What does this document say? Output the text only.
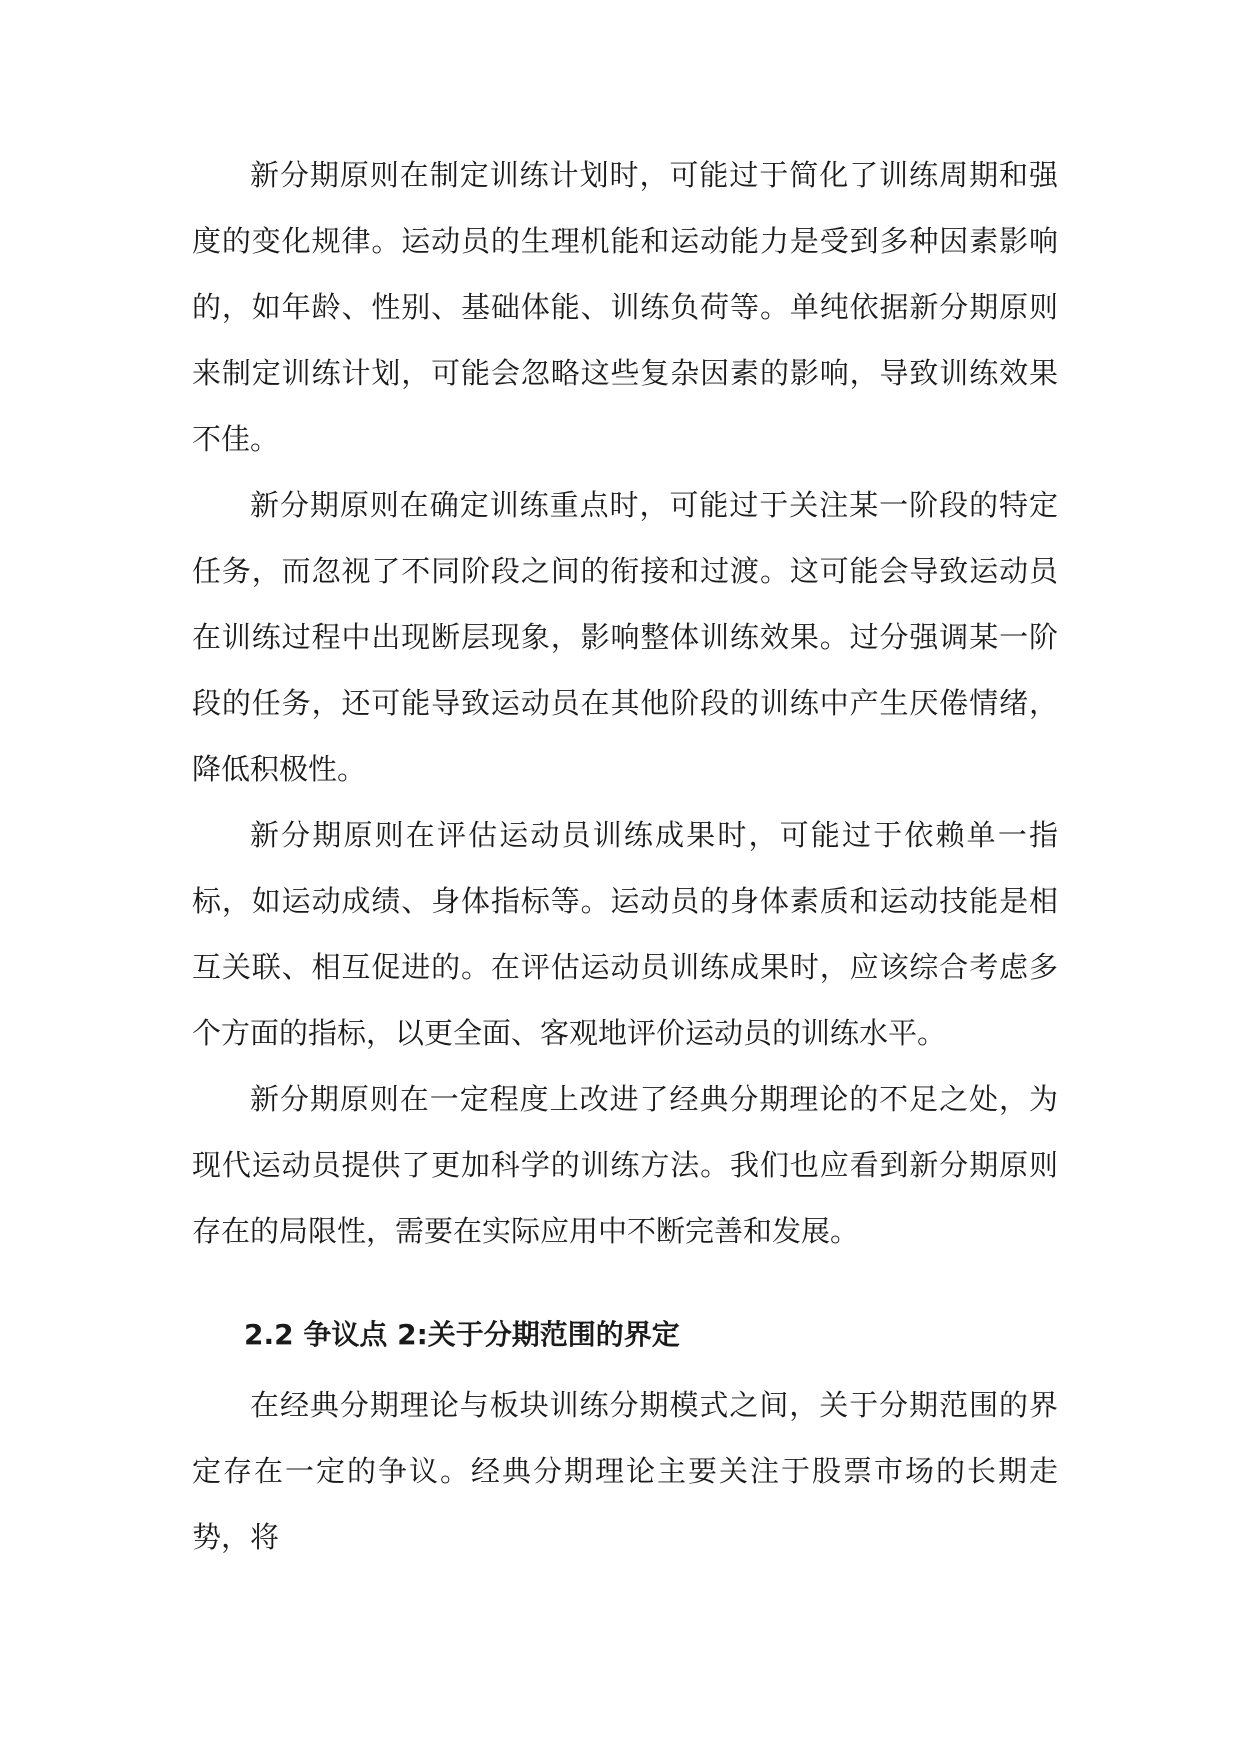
新分期原则在制定训练计划时，可能过于简化了训练周期和强度的变化规律。运动员的生理机能和运动能力是受到多种因素影响的，如年龄、性别、基础体能、训练负荷等。单纯依据新分期原则来制定训练计划，可能会忽略这些复杂因素的影响，导致训练效果不佳。

新分期原则在确定训练重点时，可能过于关注某一阶段的特定任务，而忽视了不同阶段之间的衔接和过渡。这可能会导致运动员在训练过程中出现断层现象，影响整体训练效果。过分强调某一阶段的任务，还可能导致运动员在其他阶段的训练中产生厌倦情绪，降低积极性。

新分期原则在评估运动员训练成果时，可能过于依赖单一指标，如运动成绩、身体指标等。运动员的身体素质和运动技能是相互关联、相互促进的。在评估运动员训练成果时，应该综合考虑多个方面的指标，以更全面、客观地评价运动员的训练水平。

新分期原则在一定程度上改进了经典分期理论的不足之处，为现代运动员提供了更加科学的训练方法。我们也应看到新分期原则存在的局限性，需要在实际应用中不断完善和发展。

2.2 争议点 2:关于分期范围的界定

在经典分期理论与板块训练分期模式之间，关于分期范围的界定存在一定的争议。经典分期理论主要关注于股票市场的长期走势，将
